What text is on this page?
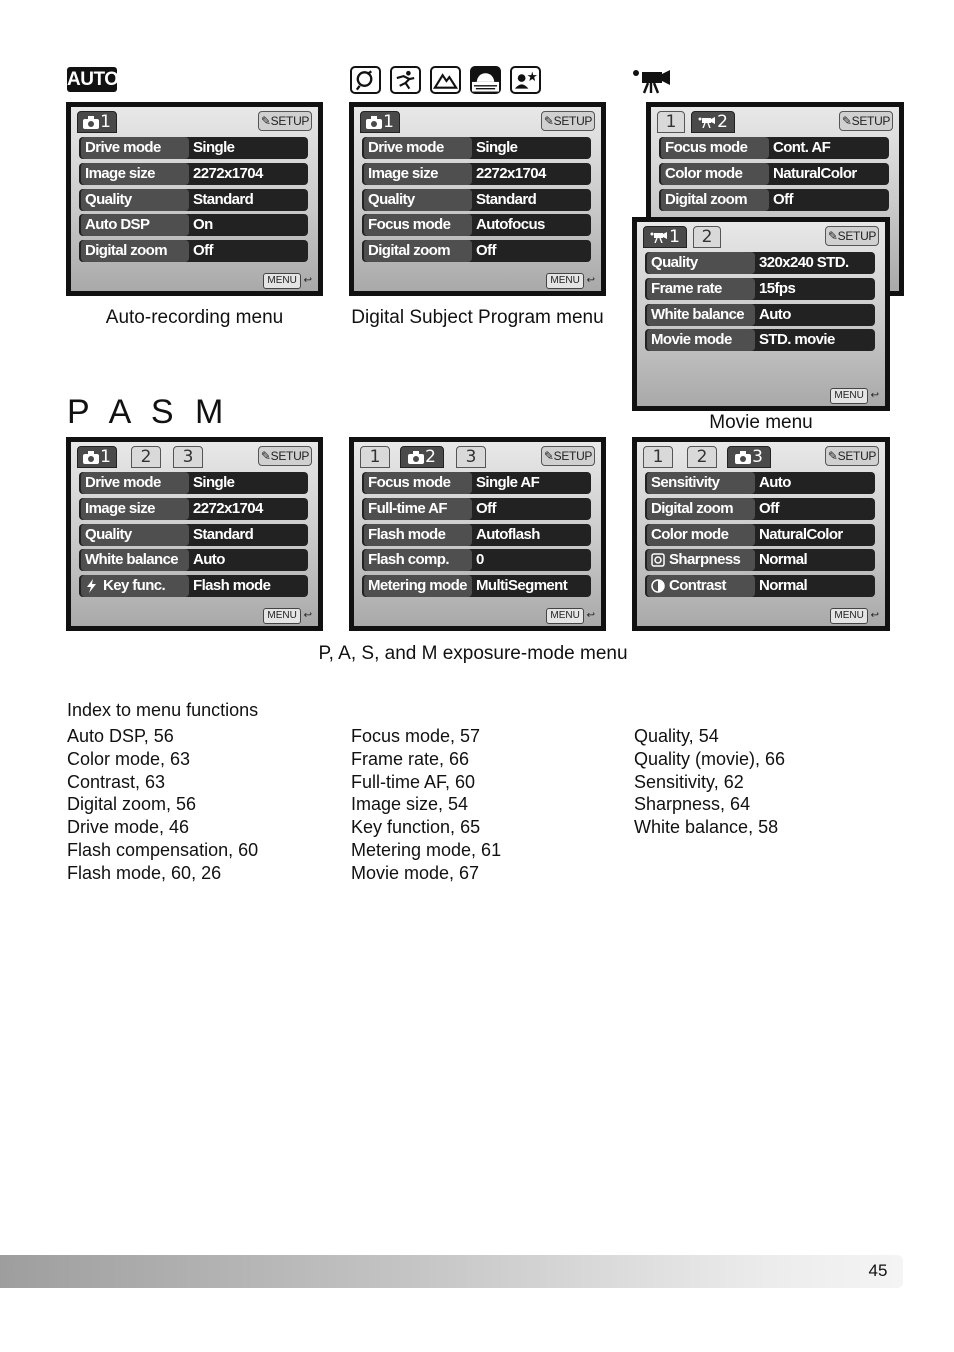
AUTO
1	✎SETUP
Drive mode	Single
Image size	2272x1704
Quality	Standard
Auto DSP	On
Digital zoom	Off
MENU ↩
Auto-recording menu
1	✎SETUP
Drive mode	Single
Image size	2272x1704
Quality	Standard
Focus mode	Autofocus
Digital zoom	Off
MENU ↩
Digital Subject Program menu
1	2	✎SETUP
Focus mode	Cont. AF
Color mode	NaturalColor
Digital zoom	Off
1	2	✎SETUP
Quality	320x240 STD.
Frame rate	15fps
White balance Auto
Movie mode	STD. movie
MENU ↩
Movie menu
P A S M
1	2	3	✎SETUP
Drive mode	Single
Image size	2272x1704
Quality	Standard
White balance Auto
Key func.	Flash mode
MENU ↩
1	2	3	✎SETUP
Focus mode	Single AF
Full-time AF	Off
Flash mode	Autoflash
Flash comp.	0
Metering mode MultiSegment
MENU ↩
1	2	3	✎SETUP
Sensitivity	Auto
Digital zoom	Off
Color mode	NaturalColor
Sharpness	Normal
Contrast	Normal
MENU ↩
P, A, S, and M exposure-mode menu
Index to menu functions
Auto DSP, 56
Color mode, 63
Contrast, 63
Digital zoom, 56
Drive mode, 46
Flash compensation, 60
Flash mode, 60, 26
Focus mode, 57
Frame rate, 66
Full-time AF, 60
Image size, 54
Key function, 65
Metering mode, 61
Movie mode, 67
Quality, 54
Quality (movie), 66
Sensitivity, 62
Sharpness, 64
White balance, 58
45
